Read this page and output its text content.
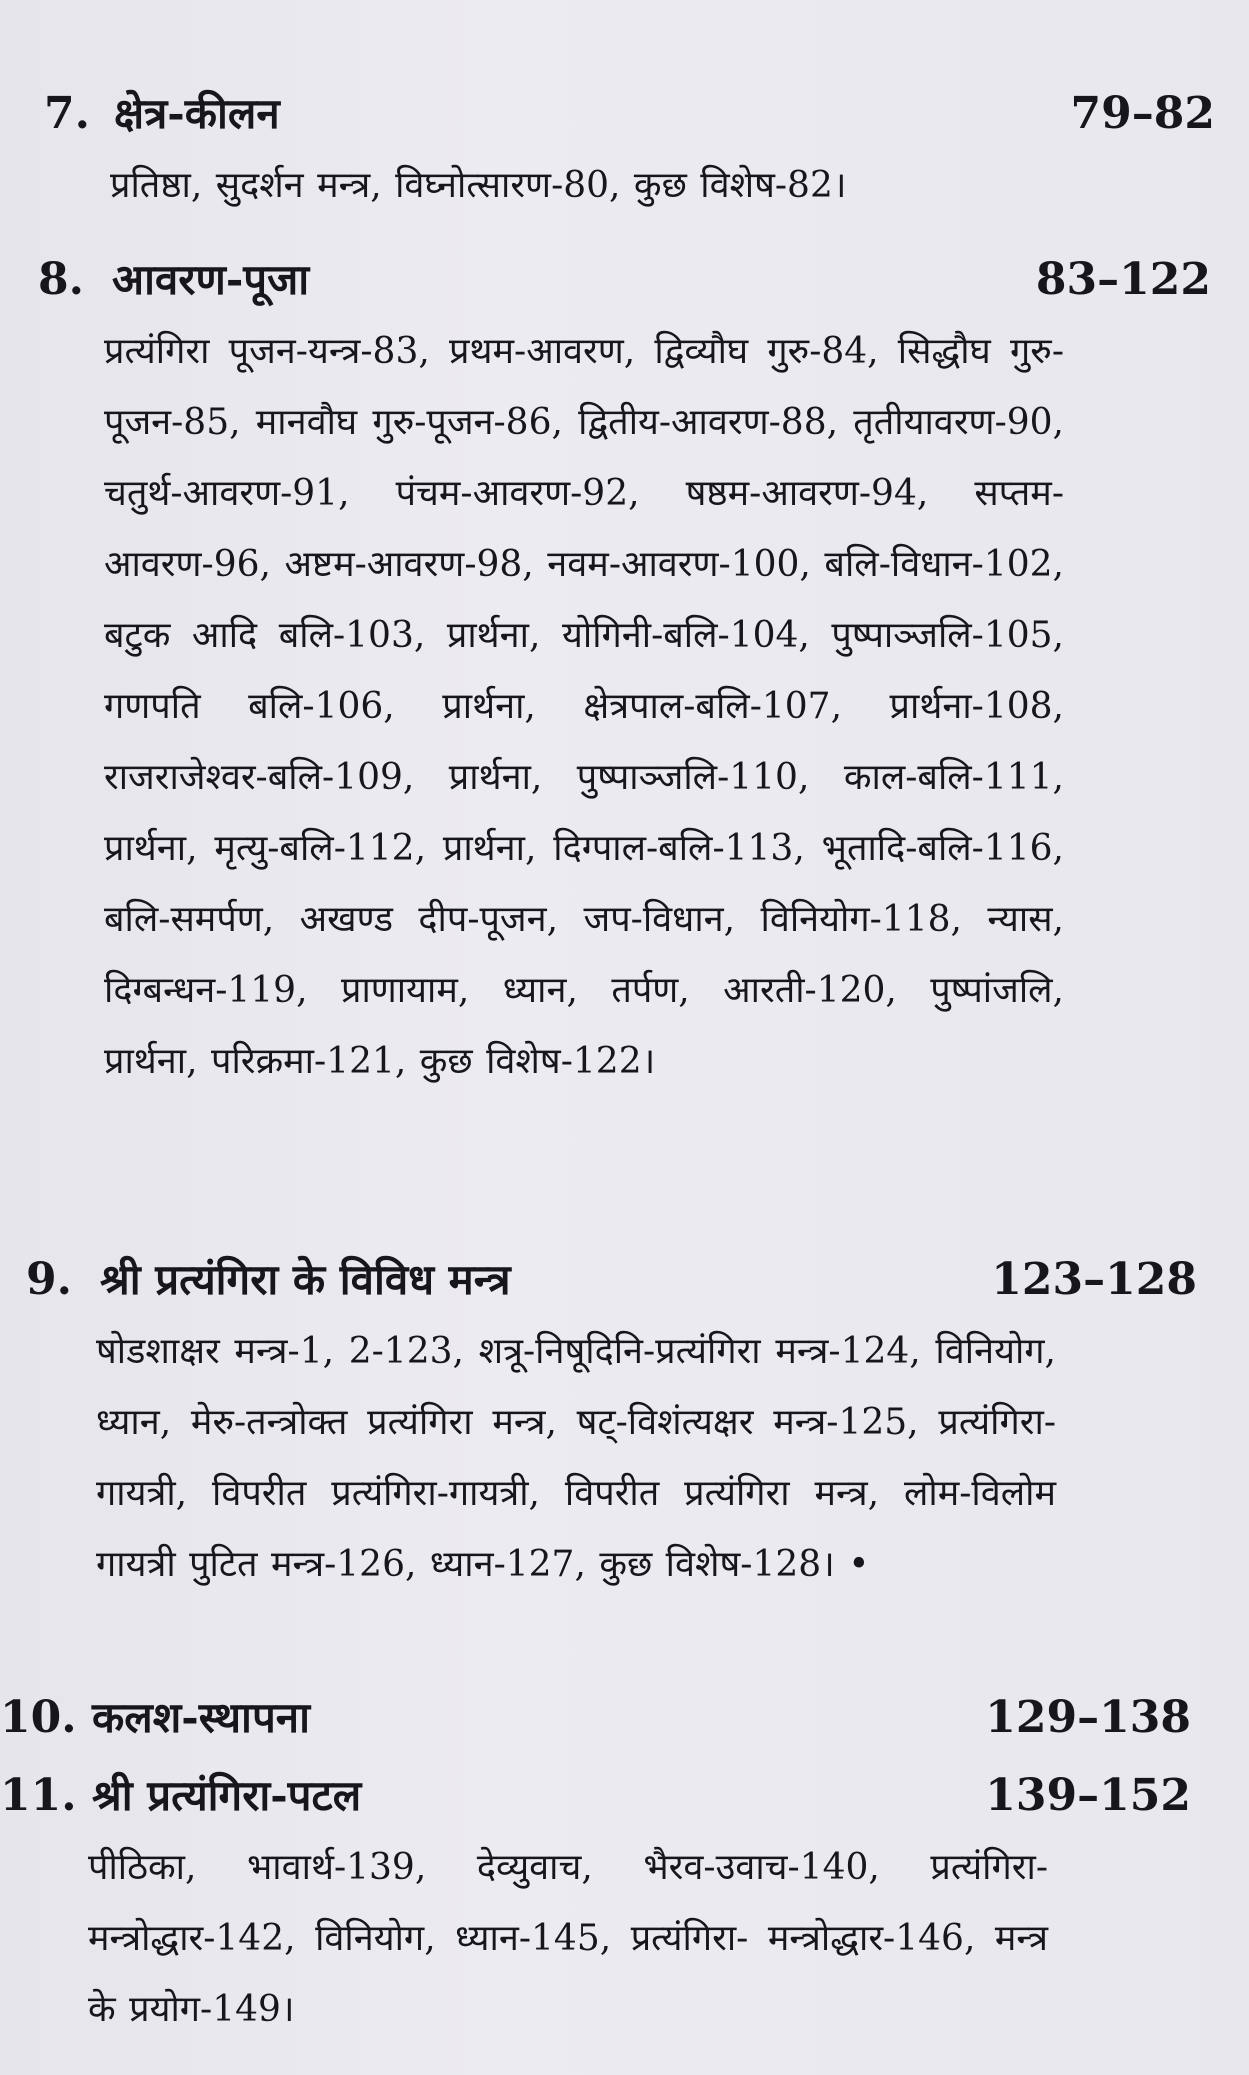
7. क्षेत्र-कीलन	79–82
प्रतिष्ठा, सुदर्शन मन्त्र, विघ्नोत्सारण-80, कुछ विशेष-82।
8. आवरण-पूजा	83–122
प्रत्यंगिरा पूजन-यन्त्र-83, प्रथम-आवरण, द्विव्यौघ गुरु-84, सिद्धौघ गुरु-पूजन-85, मानवौघ गुरु-पूजन-86, द्वितीय-आवरण-88, तृतीयावरण-90, चतुर्थ-आवरण-91, पंचम-आवरण-92, षष्ठम-आवरण-94, सप्तम-आवरण-96, अष्टम-आवरण-98, नवम-आवरण-100, बलि-विधान-102, बटुक आदि बलि-103, प्रार्थना, योगिनी-बलि-104, पुष्पाञ्जलि-105, गणपति बलि-106, प्रार्थना, क्षेत्रपाल-बलि-107, प्रार्थना-108, राजराजेश्वर-बलि-109, प्रार्थना, पुष्पाञ्जलि-110, काल-बलि-111, प्रार्थना, मृत्यु-बलि-112, प्रार्थना, दिग्पाल-बलि-113, भूतादि-बलि-116, बलि-समर्पण, अखण्ड दीप-पूजन, जप-विधान, विनियोग-118, न्यास, दिग्बन्धन-119, प्राणायाम, ध्यान, तर्पण, आरती-120, पुष्पांजलि, प्रार्थना, परिक्रमा-121, कुछ विशेष-122।
9. श्री प्रत्यंगिरा के विविध मन्त्र	123–128
षोडशाक्षर मन्त्र-1, 2-123, शत्रू-निषूदिनि-प्रत्यंगिरा मन्त्र-124, विनियोग, ध्यान, मेरु-तन्त्रोक्त प्रत्यंगिरा मन्त्र, षट्-विशंत्यक्षर मन्त्र-125, प्रत्यंगिरा-गायत्री, विपरीत प्रत्यंगिरा-गायत्री, विपरीत प्रत्यंगिरा मन्त्र, लोम-विलोम गायत्री पुटित मन्त्र-126, ध्यान-127, कुछ विशेष-128। •
10. कलश-स्थापना	129–138
11. श्री प्रत्यंगिरा-पटल	139–152
पीठिका, भावार्थ-139, देव्युवाच, भैरव-उवाच-140, प्रत्यंगिरा-मन्त्रोद्धार-142, विनियोग, ध्यान-145, प्रत्यंगिरा- मन्त्रोद्धार-146, मन्त्र के प्रयोग-149।
